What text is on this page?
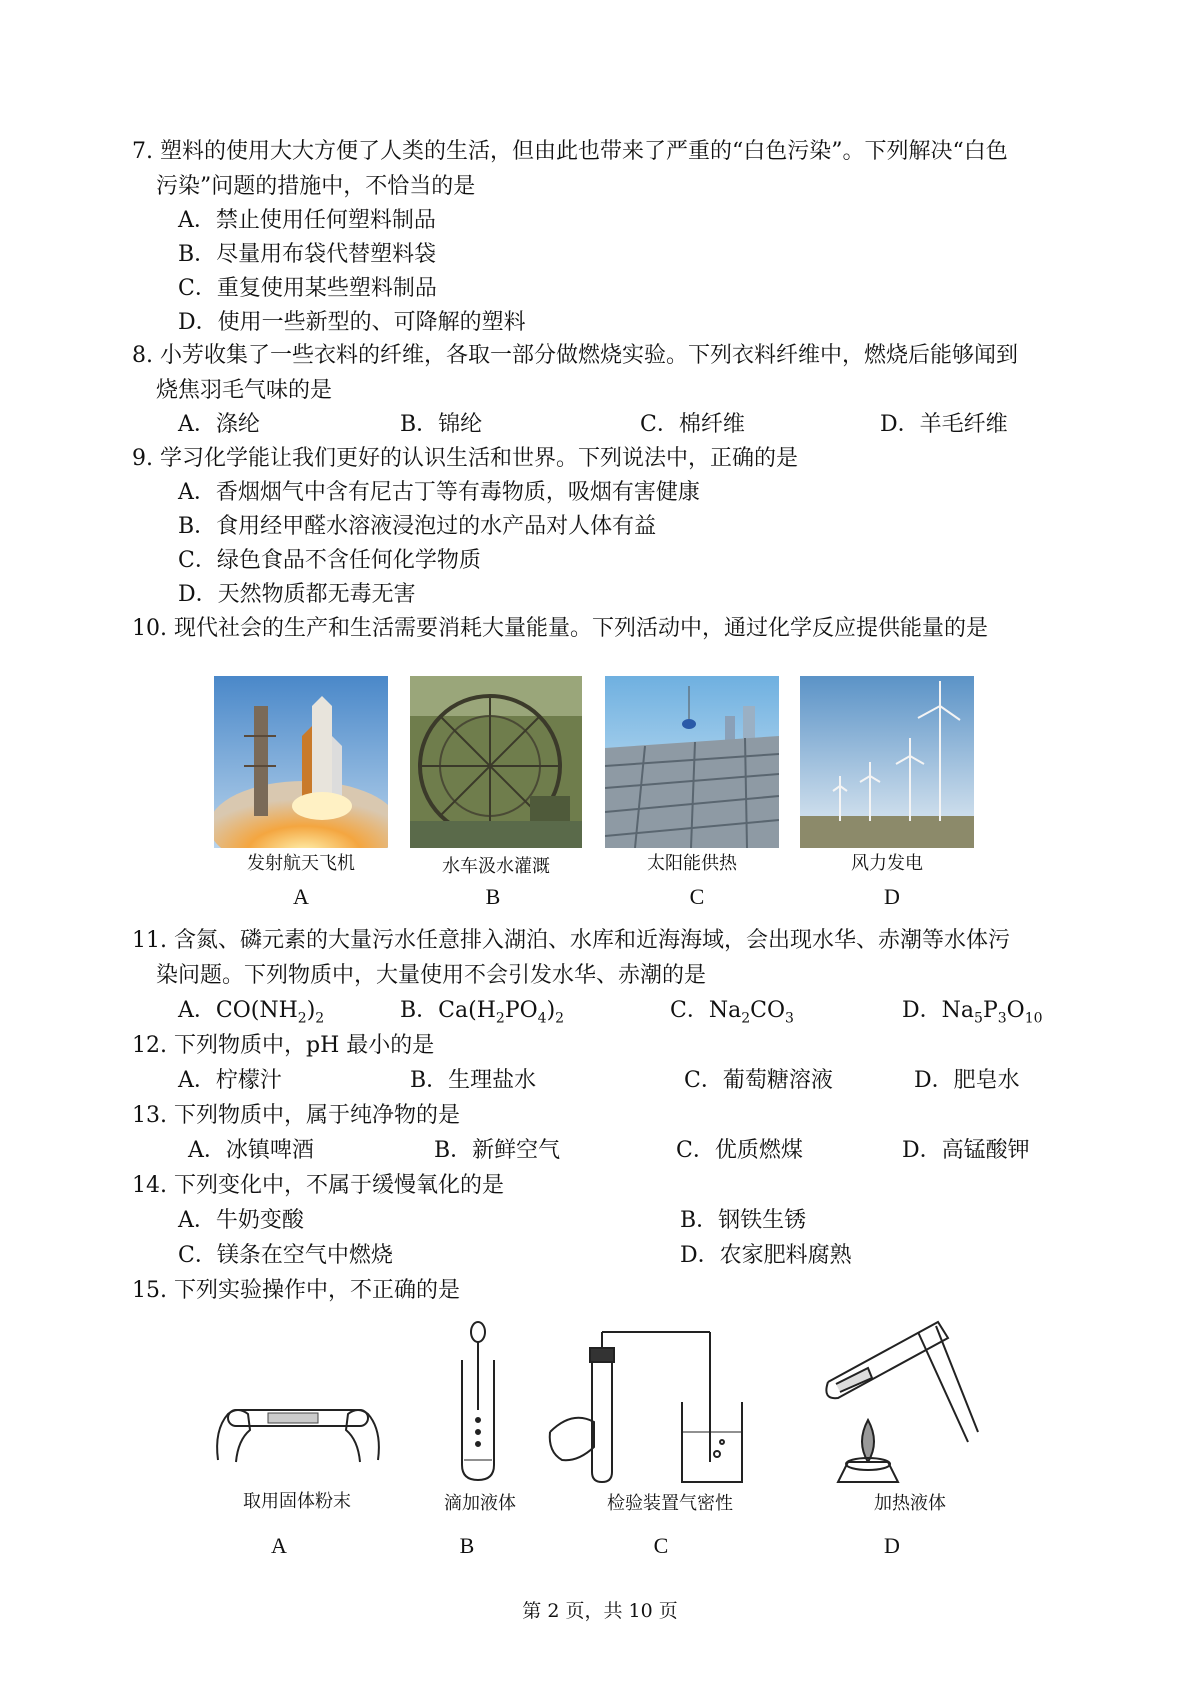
7. 塑料的使用大大方便了人类的生活，但由此也带来了严重的“白色污染”。下列解决“白色
污染”问题的措施中，不恰当的是
A．禁止使用任何塑料制品
B．尽量用布袋代替塑料袋
C．重复使用某些塑料制品
D．使用一些新型的、可降解的塑料
8. 小芳收集了一些衣料的纤维，各取一部分做燃烧实验。下列衣料纤维中，燃烧后能够闻到
烧焦羽毛气味的是
A．涤纶	B．锦纶	C．棉纤维	D．羊毛纤维
9. 学习化学能让我们更好的认识生活和世界。下列说法中，正确的是
A．香烟烟气中含有尼古丁等有毒物质，吸烟有害健康
B．食用经甲醛水溶液浸泡过的水产品对人体有益
C．绿色食品不含任何化学物质
D．天然物质都无毒无害
10. 现代社会的生产和生活需要消耗大量能量。下列活动中，通过化学反应提供能量的是
发射航天飞机	水车汲水灌溉	太阳能供热	风力发电
A	B	C	D
11. 含氮、磷元素的大量污水任意排入湖泊、水库和近海海域，会出现水华、赤潮等水体污
染问题。下列物质中，大量使用不会引发水华、赤潮的是
A．$CO(NH_2)_2$	B．$Ca(H_2PO_4)_2$	C．$Na_2CO_3$	D．$Na_5P_3O_{10}$
12. 下列物质中，pH 最小的是
A．柠檬汁	B．生理盐水	C．葡萄糖溶液	D．肥皂水
13. 下列物质中，属于纯净物的是
A．冰镇啤酒	B．新鲜空气	C．优质燃煤	D．高锰酸钾
14. 下列变化中，不属于缓慢氧化的是
A．牛奶变酸	B．钢铁生锈
C．镁条在空气中燃烧	D．农家肥料腐熟
15. 下列实验操作中，不正确的是
取用固体粉末	滴加液体	检验装置气密性	加热液体
A	B	C	D
第 2 页，共 10 页
